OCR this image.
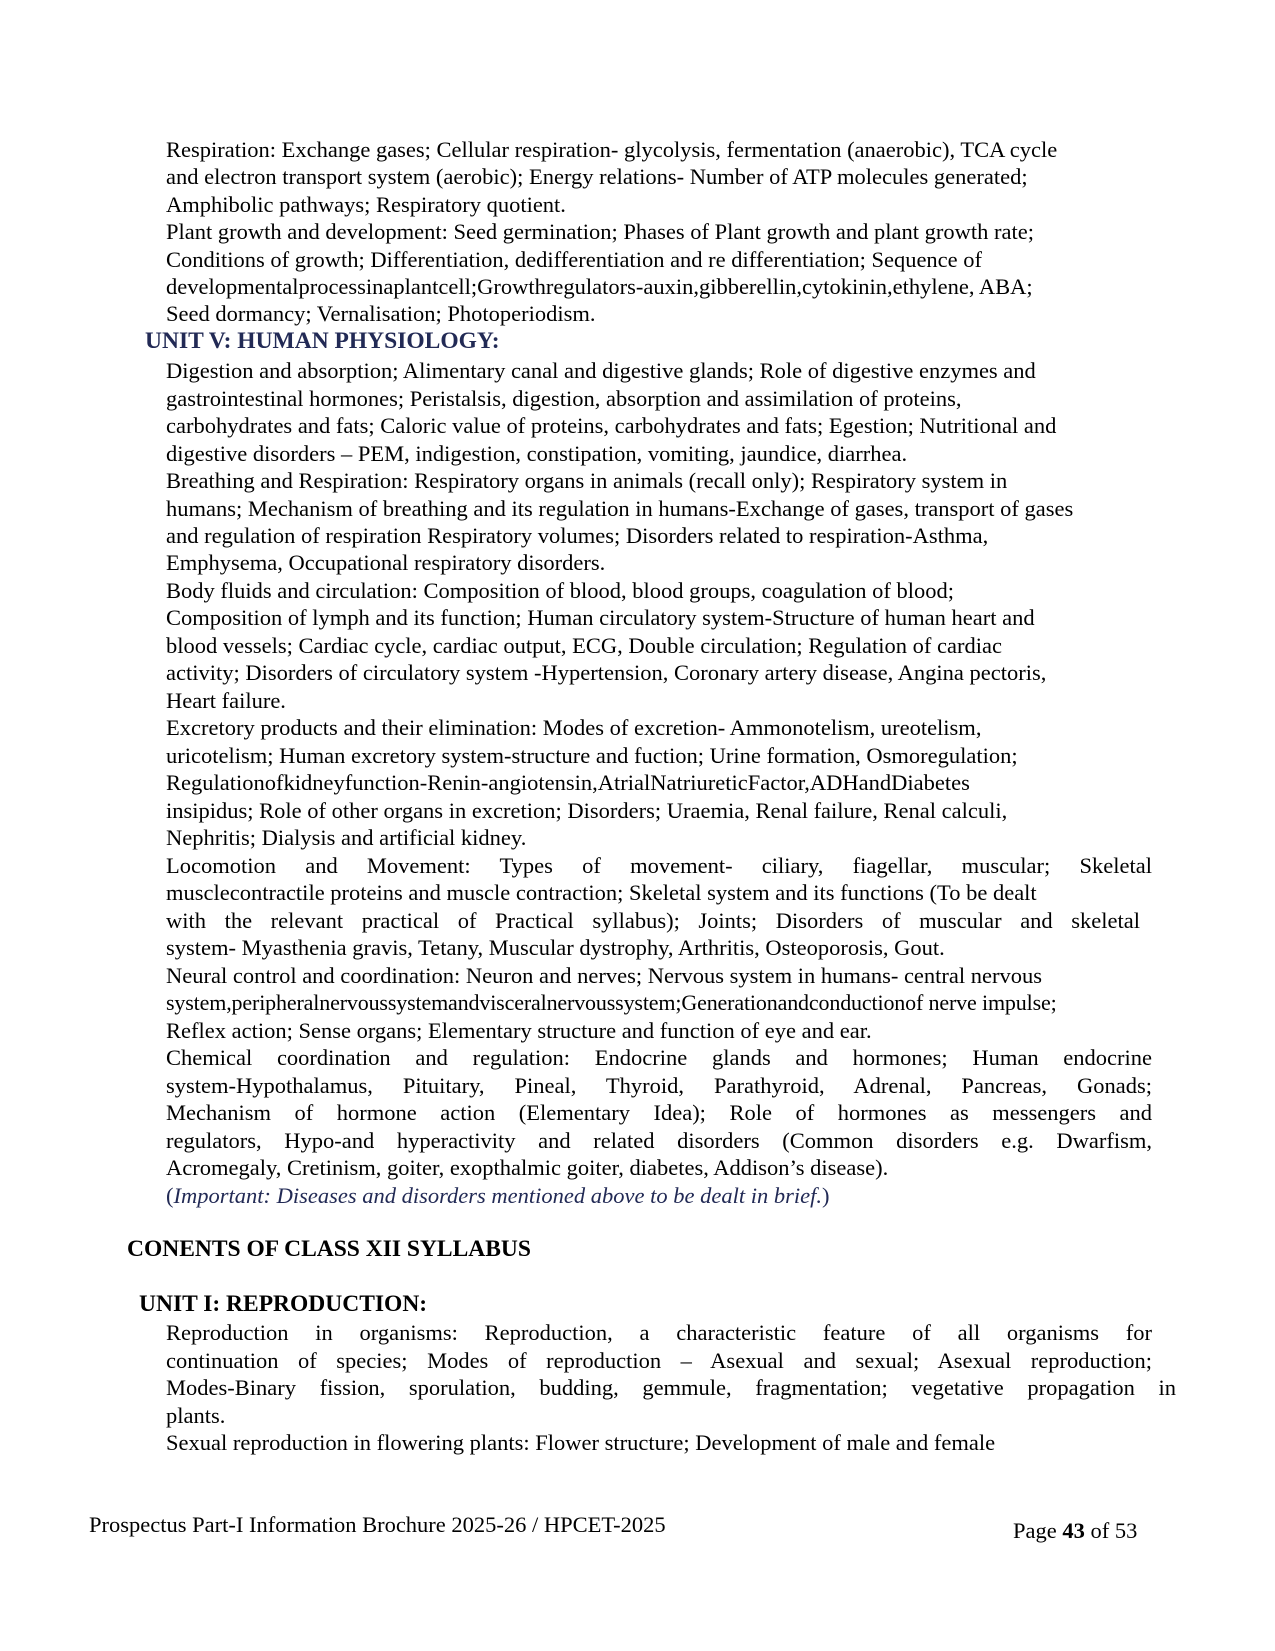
Respiration: Exchange gases; Cellular respiration- glycolysis, fermentation (anaerobic), TCA cycle
and electron transport system (aerobic); Energy relations- Number of ATP molecules generated;
Amphibolic pathways; Respiratory quotient.
Plant growth and development: Seed germination; Phases of Plant growth and plant growth rate;
Conditions of growth; Differentiation, dedifferentiation and re differentiation; Sequence of
developmentalprocessinaplantcell;Growthregulators-auxin,gibberellin,cytokinin,ethylene, ABA;
Seed dormancy; Vernalisation; Photoperiodism.
UNIT V: HUMAN PHYSIOLOGY:
Digestion and absorption; Alimentary canal and digestive glands; Role of digestive enzymes and
gastrointestinal hormones; Peristalsis, digestion, absorption and assimilation of proteins,
carbohydrates and fats; Caloric value of proteins, carbohydrates and fats; Egestion; Nutritional and
digestive disorders – PEM, indigestion, constipation, vomiting, jaundice, diarrhea.
Breathing and Respiration: Respiratory organs in animals (recall only); Respiratory system in
humans; Mechanism of breathing and its regulation in humans-Exchange of gases, transport of gases
and regulation of respiration Respiratory volumes; Disorders related to respiration-Asthma,
Emphysema, Occupational respiratory disorders.
Body fluids and circulation: Composition of blood, blood groups, coagulation of blood;
Composition of lymph and its function; Human circulatory system-Structure of human heart and
blood vessels; Cardiac cycle, cardiac output, ECG, Double circulation; Regulation of cardiac
activity; Disorders of circulatory system -Hypertension, Coronary artery disease, Angina pectoris,
Heart failure.
Excretory products and their elimination: Modes of excretion- Ammonotelism, ureotelism,
uricotelism; Human excretory system-structure and fuction; Urine formation, Osmoregulation;
Regulationofkidneyfunction-Renin-angiotensin,AtrialNatriureticFactor,ADHandDiabetes
insipidus; Role of other organs in excretion; Disorders; Uraemia, Renal failure, Renal calculi,
Nephritis; Dialysis and artificial kidney.
Locomotion and Movement: Types of movement- ciliary, fiagellar, muscular; Skeletal
musclecontractile proteins and muscle contraction; Skeletal system and its functions (To be dealt
with the relevant practical of Practical syllabus); Joints; Disorders of muscular and skeletal
system- Myasthenia gravis, Tetany, Muscular dystrophy, Arthritis, Osteoporosis, Gout.
Neural control and coordination: Neuron and nerves; Nervous system in humans- central nervous
system,peripheralnervoussystemandvisceralnervoussystem;Generationandconductionof nerve impulse;
Reflex action; Sense organs; Elementary structure and function of eye and ear.
Chemical coordination and regulation: Endocrine glands and hormones; Human endocrine
system-Hypothalamus, Pituitary, Pineal, Thyroid, Parathyroid, Adrenal, Pancreas, Gonads;
Mechanism of hormone action (Elementary Idea); Role of hormones as messengers and
regulators, Hypo-and hyperactivity and related disorders (Common disorders e.g. Dwarfism,
Acromegaly, Cretinism, goiter, exopthalmic goiter, diabetes, Addison’s disease).
(Important: Diseases and disorders mentioned above to be dealt in brief.)
CONENTS OF CLASS XII SYLLABUS
UNIT I: REPRODUCTION:
Reproduction in organisms: Reproduction, a characteristic feature of all organisms for
continuation of species; Modes of reproduction – Asexual and sexual; Asexual reproduction;
Modes-Binary fission, sporulation, budding, gemmule, fragmentation; vegetative propagation in
plants.
Sexual reproduction in flowering plants: Flower structure; Development of male and female
Prospectus Part-I Information Brochure 2025-26 / HPCET-2025	Page 43 of 53
